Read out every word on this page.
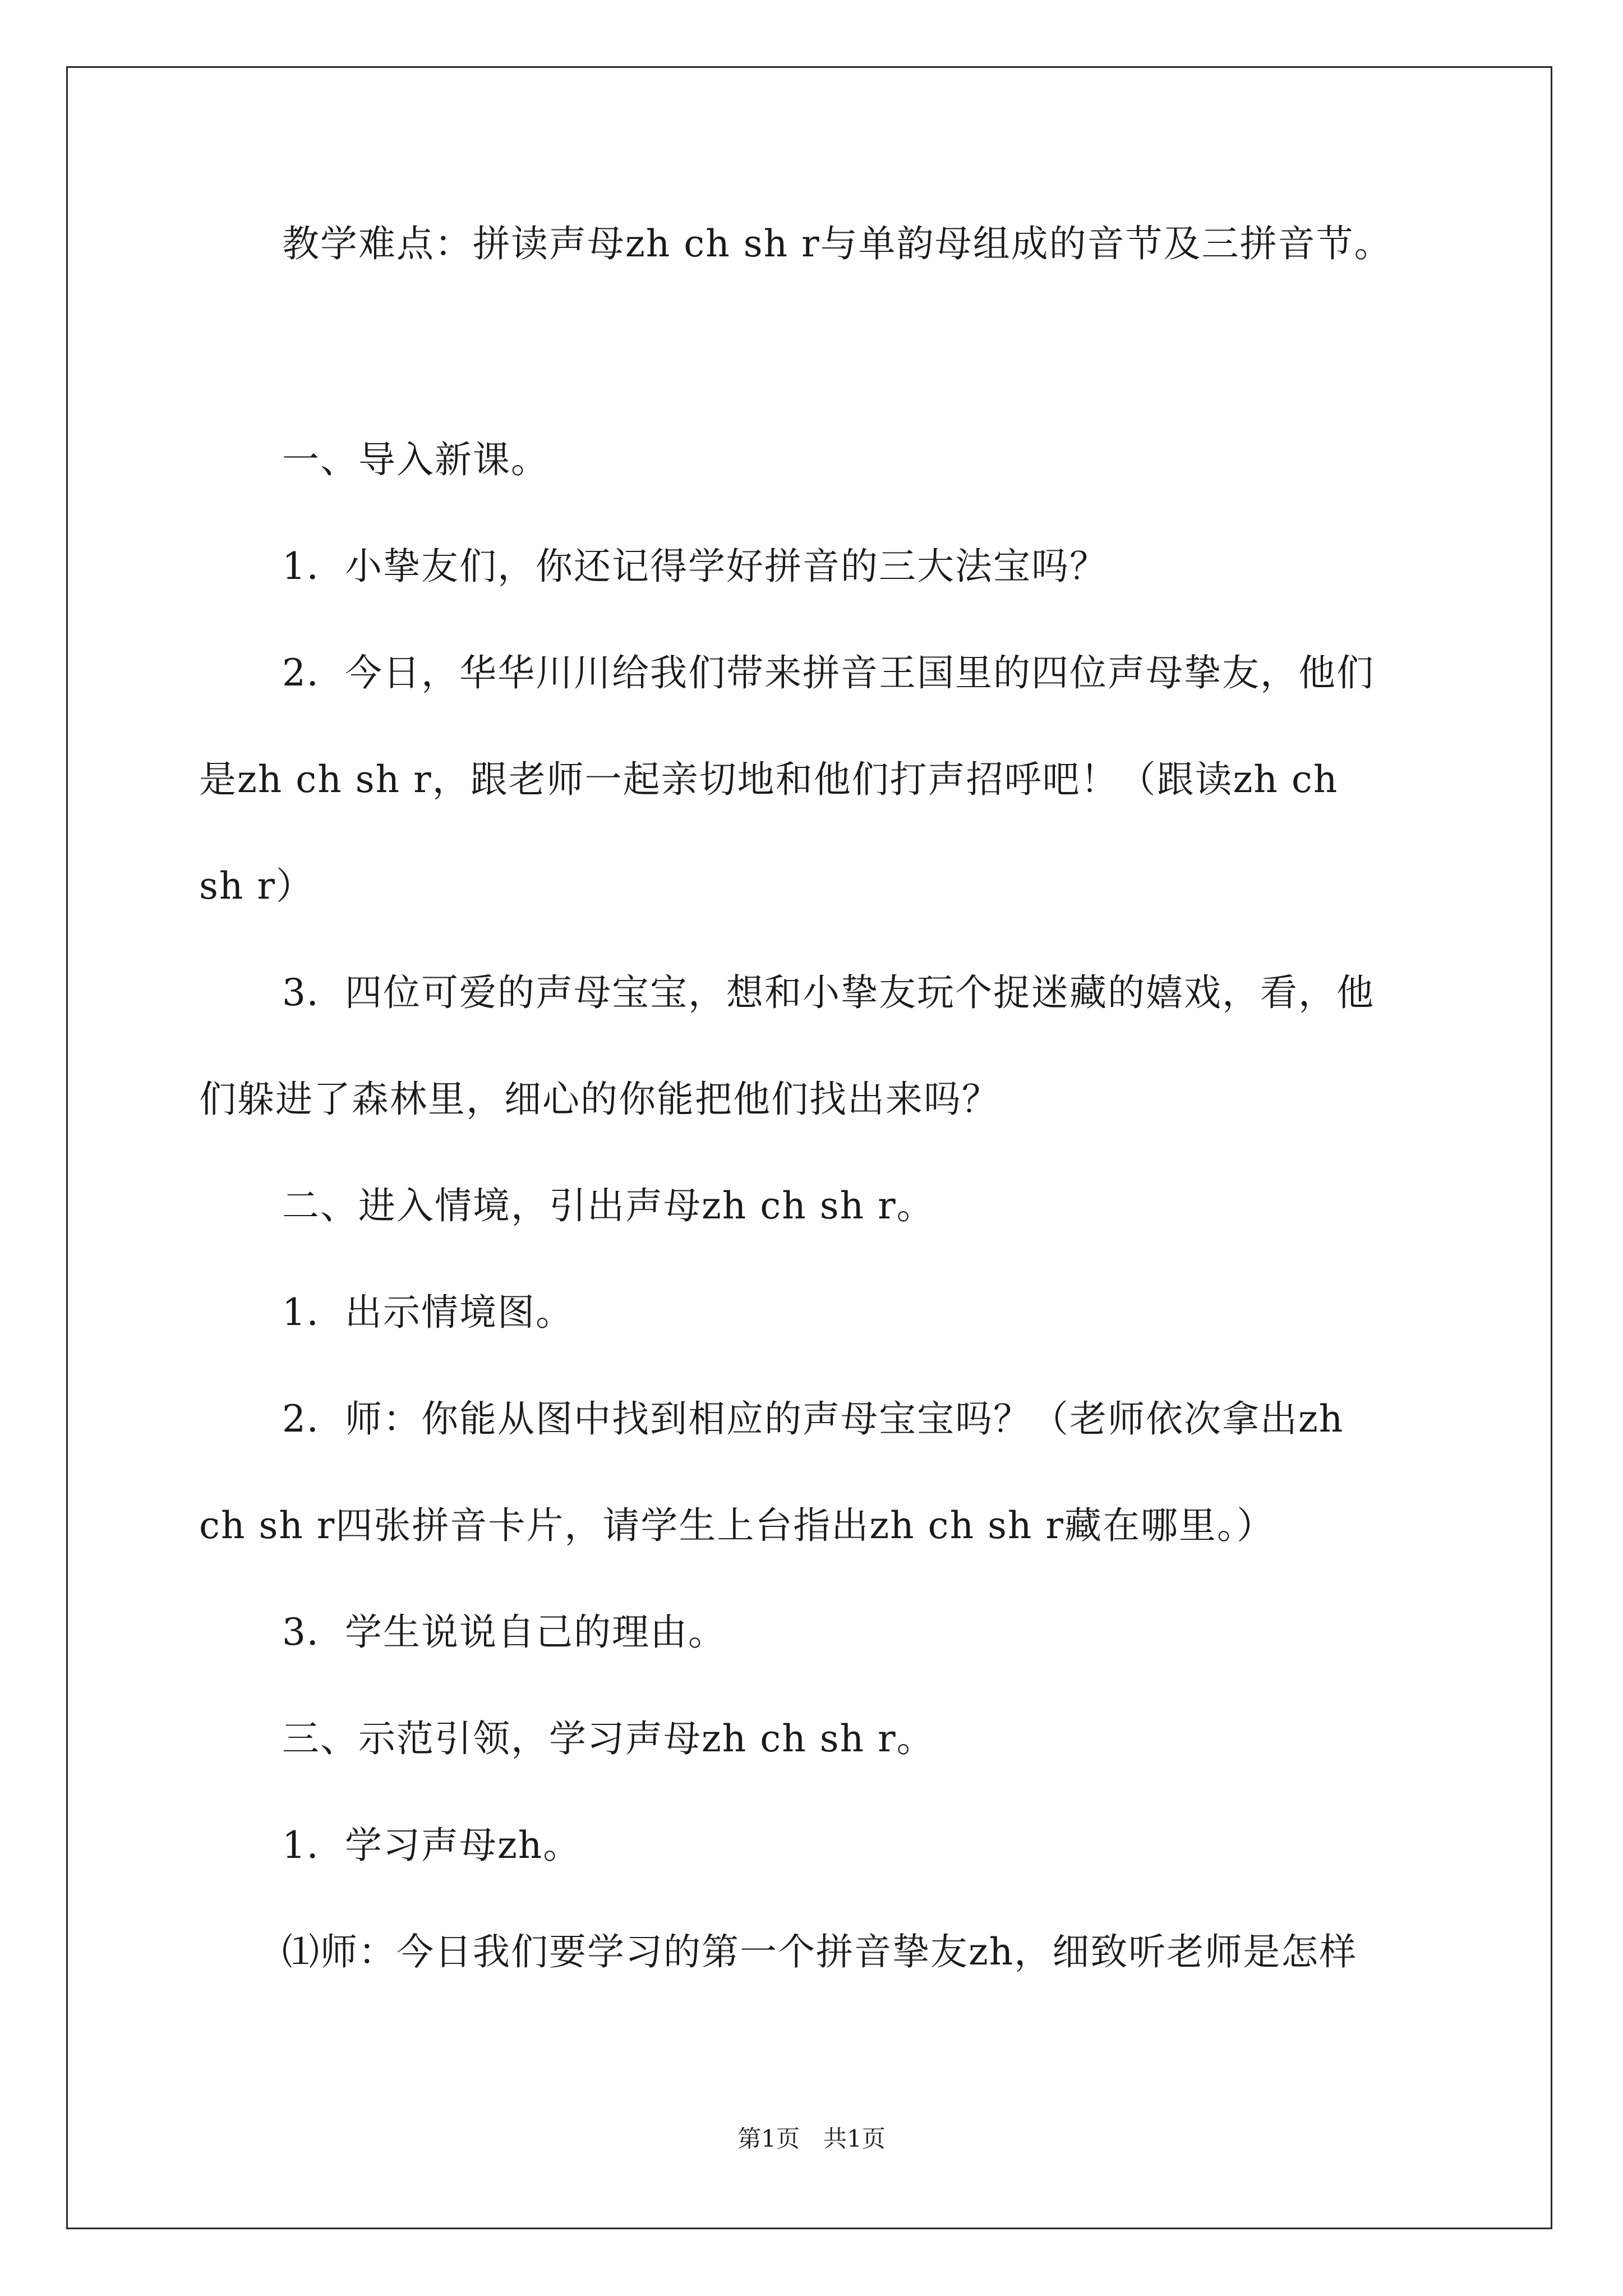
教学难点：拼读声母zh ch sh r与单韵母组成的音节及三拼音节。
一、导入新课。
1．小挚友们，你还记得学好拼音的三大法宝吗？
2．今日，华华川川给我们带来拼音王国里的四位声母挚友，他们
是zh ch sh r，跟老师一起亲切地和他们打声招呼吧！（跟读zh ch
sh r）
3．四位可爱的声母宝宝，想和小挚友玩个捉迷藏的嬉戏，看，他
们躲进了森林里，细心的你能把他们找出来吗？
二、进入情境，引出声母zh ch sh r。
1．出示情境图。
2．师：你能从图中找到相应的声母宝宝吗？（老师依次拿出zh
ch sh r四张拼音卡片，请学生上台指出zh ch sh r藏在哪里。）
3．学生说说自己的理由。
三、示范引领，学习声母zh ch sh r。
1．学习声母zh。
⑴师：今日我们要学习的第一个拼音挚友zh，细致听老师是怎样
第1页　共1页
